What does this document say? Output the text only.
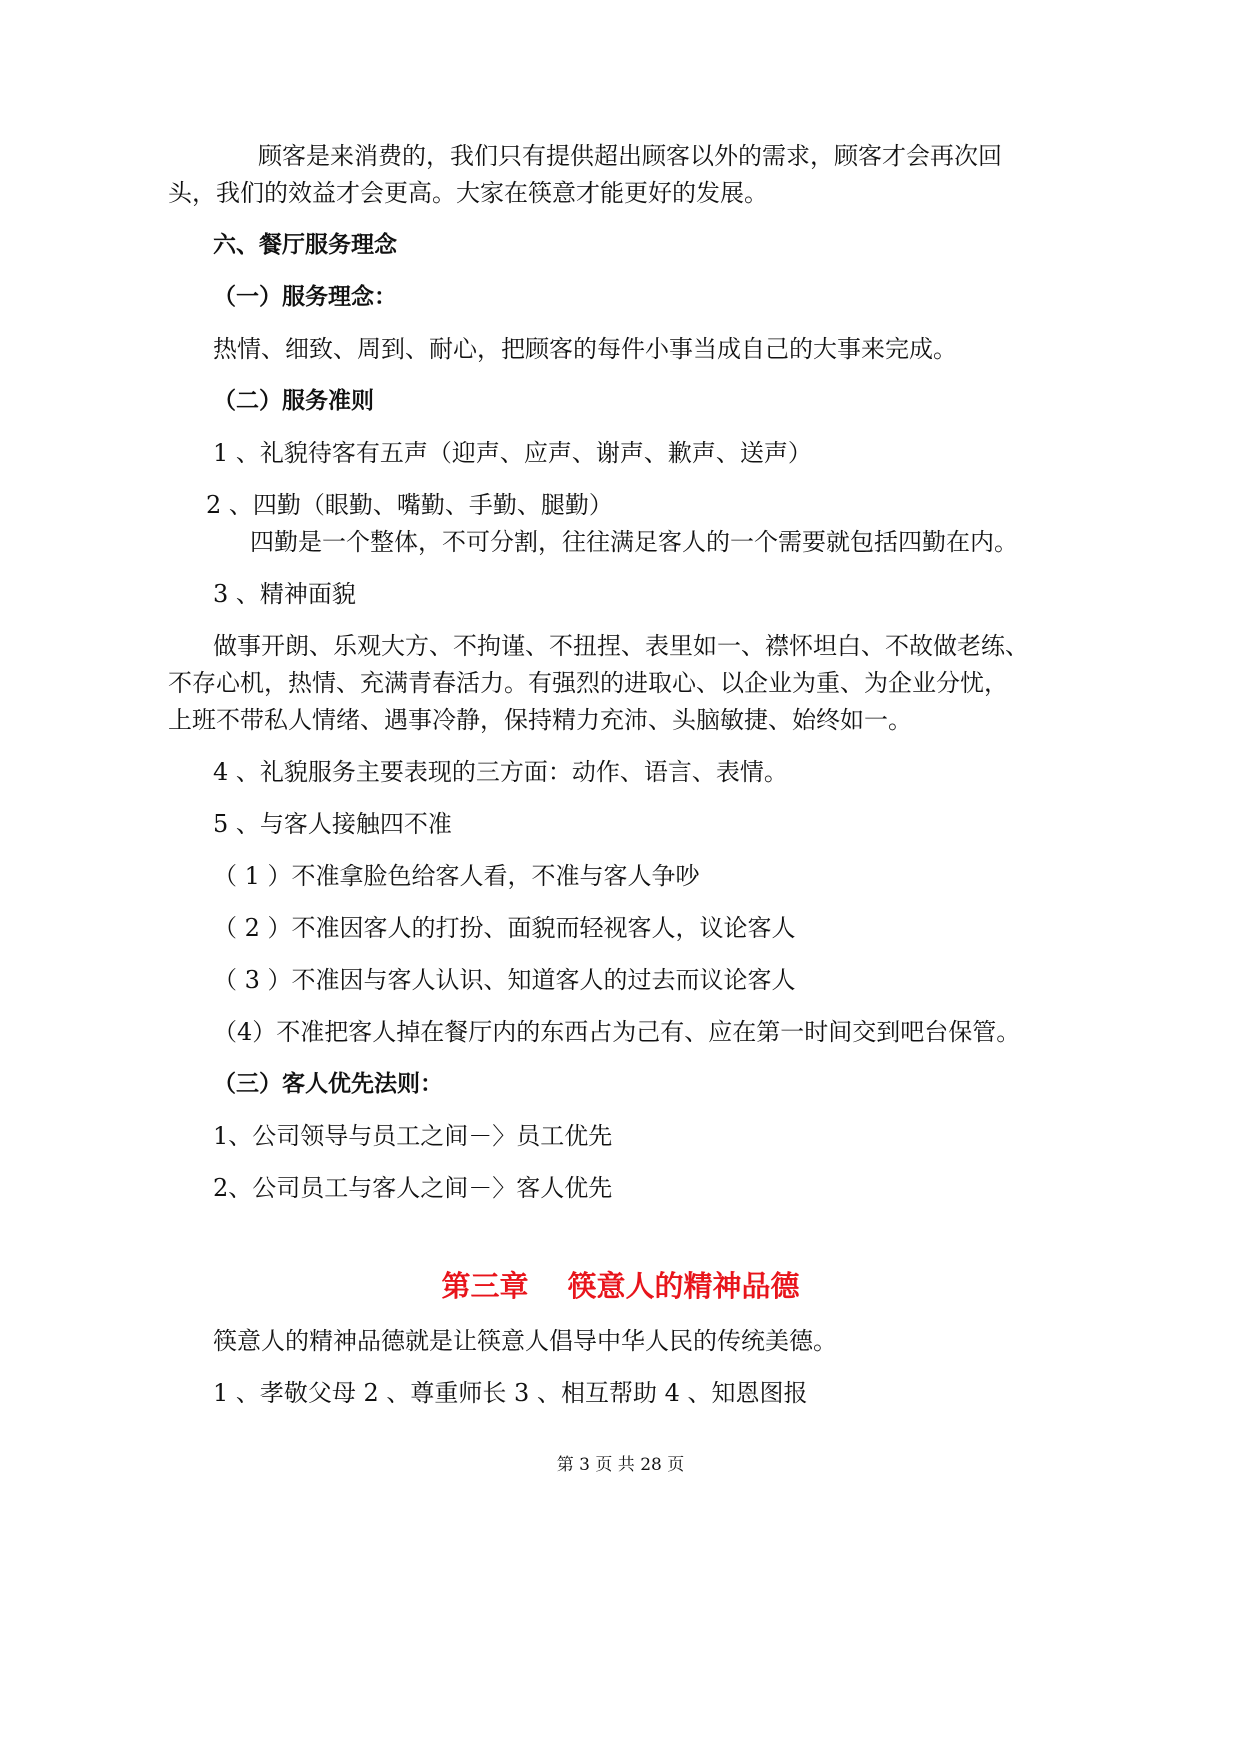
顾客是来消费的，我们只有提供超出顾客以外的需求，顾客才会再次回

头，我们的效益才会更高。大家在筷意才能更好的发展。

六、餐厅服务理念

（一）服务理念：

热情、细致、周到、耐心，把顾客的每件小事当成自己的大事来完成。

（二）服务准则

1 、礼貌待客有五声（迎声、应声、谢声、歉声、送声）

2 、四勤（眼勤、嘴勤、手勤、腿勤）

四勤是一个整体，不可分割，往往满足客人的一个需要就包括四勤在内。

3 、精神面貌

做事开朗、乐观大方、不拘谨、不扭捏、表里如一、襟怀坦白、不故做老练、

不存心机，热情、充满青春活力。有强烈的进取心、以企业为重、为企业分忧，

上班不带私人情绪、遇事冷静，保持精力充沛、头脑敏捷、始终如一。

4 、礼貌服务主要表现的三方面：动作、语言、表情。

5 、与客人接触四不准

（ 1 ）不准拿脸色给客人看，不准与客人争吵

（ 2 ）不准因客人的打扮、面貌而轻视客人，议论客人

（ 3 ）不准因与客人认识、知道客人的过去而议论客人

（4）不准把客人掉在餐厅内的东西占为己有、应在第一时间交到吧台保管。

（三）客人优先法则：

1、公司领导与员工之间－〉员工优先

2、公司员工与客人之间－〉客人优先

第三章　 筷意人的精神品德

筷意人的精神品德就是让筷意人倡导中华人民的传统美德。

1 、孝敬父母 2 、尊重师长 3 、相互帮助 4 、知恩图报

第 3 页 共 28 页
